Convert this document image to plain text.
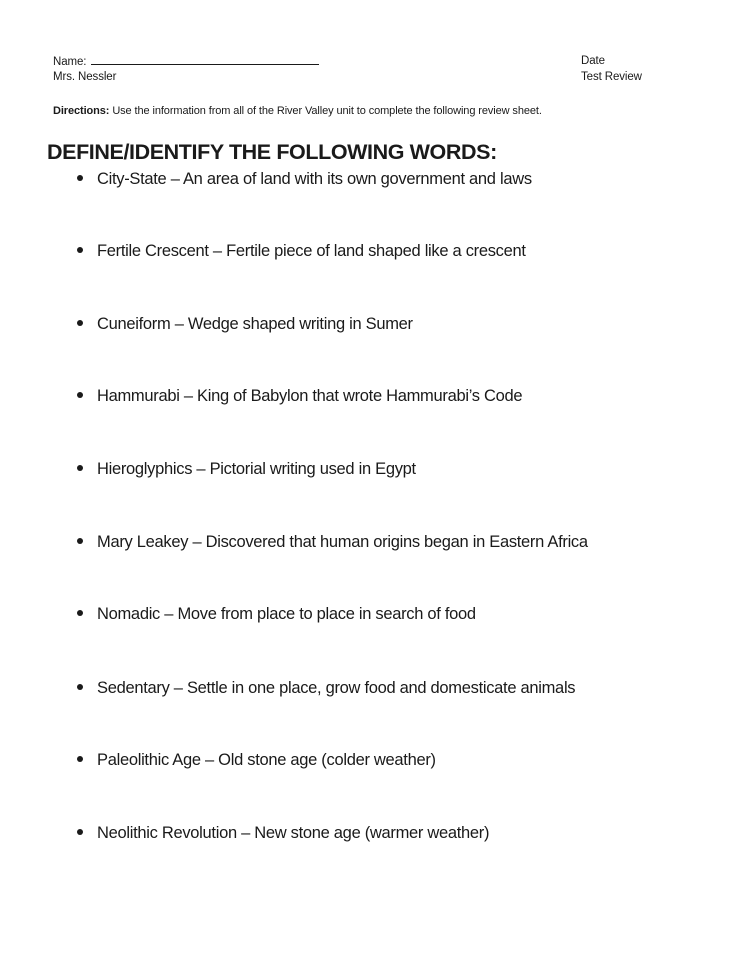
Name:
Mrs. Nessler
Date
Test Review
Directions: Use the information from all of the River Valley unit to complete the following review sheet.
DEFINE/IDENTIFY THE FOLLOWING WORDS:
City-State – An area of land with its own government and laws
Fertile Crescent – Fertile piece of land shaped like a crescent
Cuneiform – Wedge shaped writing in Sumer
Hammurabi – King of Babylon that wrote Hammurabi’s Code
Hieroglyphics – Pictorial writing used in Egypt
Mary Leakey – Discovered that human origins began in Eastern Africa
Nomadic – Move from place to place in search of food
Sedentary – Settle in one place, grow food and domesticate animals
Paleolithic Age – Old stone age (colder weather)
Neolithic Revolution – New stone age (warmer weather)
